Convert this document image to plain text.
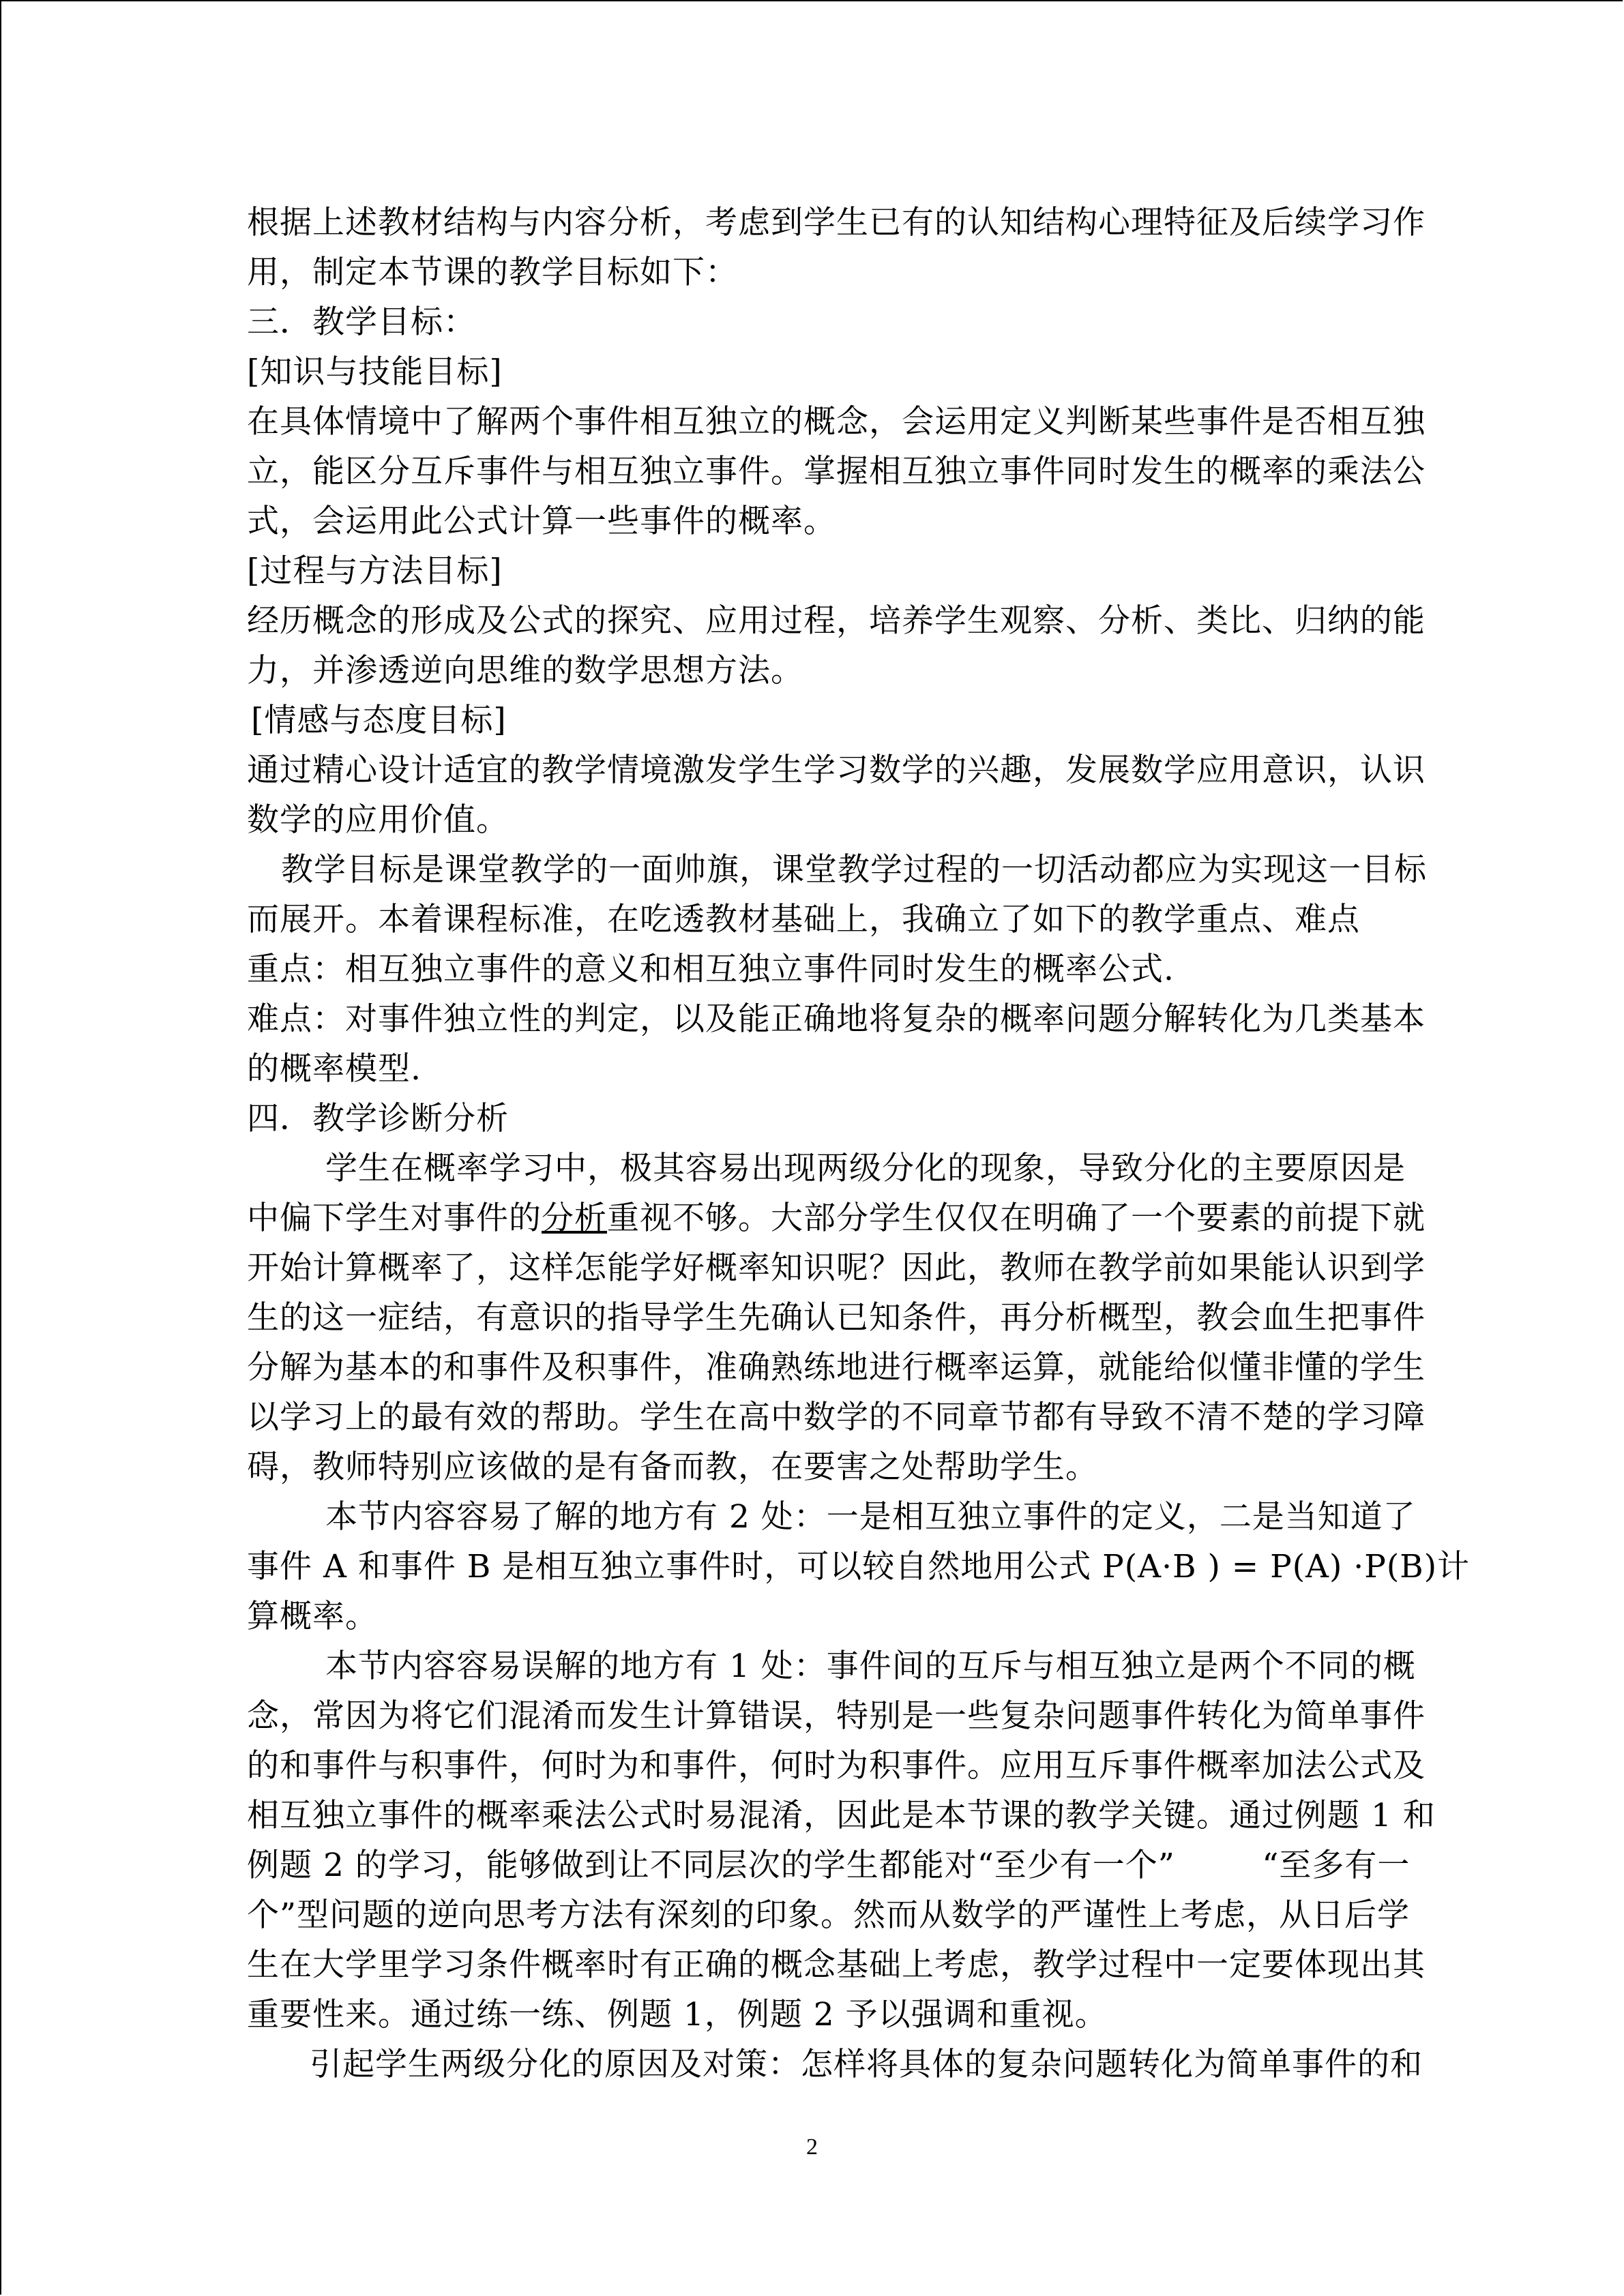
根据上述教材结构与内容分析，考虑到学生已有的认知结构心理特征及后续学习作
用，制定本节课的教学目标如下：
三．教学目标：
[知识与技能目标]
在具体情境中了解两个事件相互独立的概念，会运用定义判断某些事件是否相互独
立，能区分互斥事件与相互独立事件。掌握相互独立事件同时发生的概率的乘法公
式，会运用此公式计算一些事件的概率。
[过程与方法目标]
经历概念的形成及公式的探究、应用过程，培养学生观察、分析、类比、归纳的能
力，并渗透逆向思维的数学思想方法。
[情感与态度目标]
通过精心设计适宜的教学情境激发学生学习数学的兴趣，发展数学应用意识，认识
数学的应用价值。
教学目标是课堂教学的一面帅旗，课堂教学过程的一切活动都应为实现这一目标
而展开。本着课程标准，在吃透教材基础上，我确立了如下的教学重点、难点
重点：相互独立事件的意义和相互独立事件同时发生的概率公式.
难点：对事件独立性的判定，以及能正确地将复杂的概率问题分解转化为几类基本
的概率模型.
四．教学诊断分析
学生在概率学习中，极其容易出现两级分化的现象，导致分化的主要原因是
中偏下学生对事件的分析重视不够。大部分学生仅仅在明确了一个要素的前提下就
开始计算概率了，这样怎能学好概率知识呢？因此，教师在教学前如果能认识到学
生的这一症结，有意识的指导学生先确认已知条件，再分析概型，教会血生把事件
分解为基本的和事件及积事件，准确熟练地进行概率运算，就能给似懂非懂的学生
以学习上的最有效的帮助。学生在高中数学的不同章节都有导致不清不楚的学习障
碍，教师特别应该做的是有备而教，在要害之处帮助学生。
本节内容容易了解的地方有 2 处：一是相互独立事件的定义，二是当知道了
事件 A 和事件 B 是相互独立事件时，可以较自然地用公式 P(A·B ) = P(A) ·P(B)计
算概率。
本节内容容易误解的地方有 1 处：事件间的互斥与相互独立是两个不同的概
念，常因为将它们混淆而发生计算错误，特别是一些复杂问题事件转化为简单事件
的和事件与积事件，何时为和事件，何时为积事件。应用互斥事件概率加法公式及
相互独立事件的概率乘法公式时易混淆，因此是本节课的教学关键。通过例题 1 和
例题 2 的学习，能够做到让不同层次的学生都能对“至少有一个”        “至多有一
个”型问题的逆向思考方法有深刻的印象。然而从数学的严谨性上考虑，从日后学
生在大学里学习条件概率时有正确的概念基础上考虑，教学过程中一定要体现出其
重要性来。通过练一练、例题 1，例题 2 予以强调和重视。
引起学生两级分化的原因及对策：怎样将具体的复杂问题转化为简单事件的和
2
